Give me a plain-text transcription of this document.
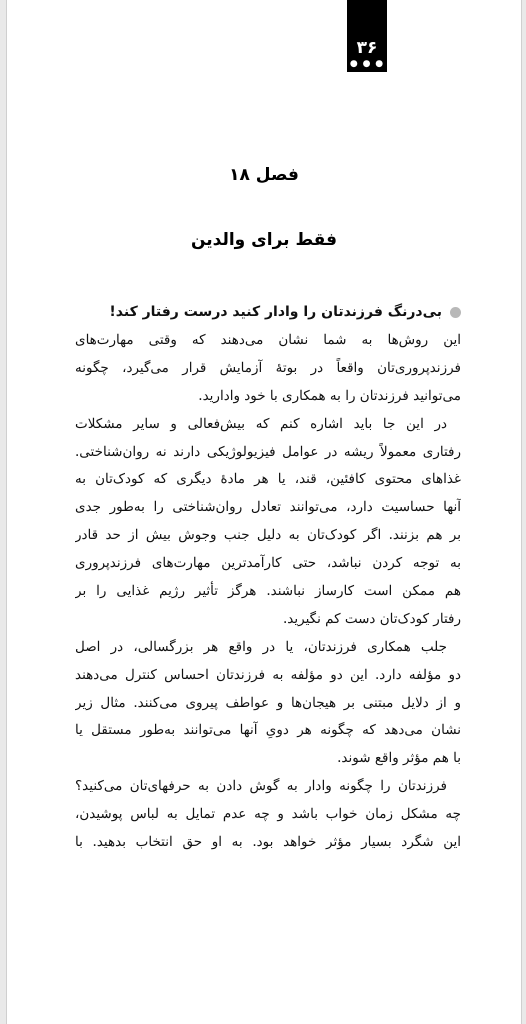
۳۶
● ● ●
فصل ۱۸
فقط برای والدین
بی‌درنگ فرزندتان را وادار کنید درست رفتار کند!
این روش‌ها به شما نشان می‌دهند که وقتی مهارت‌های
فرزندپروری‌تان واقعاً در بوتهٔ آزمایش قرار می‌گیرد، چگونه
می‌توانید فرزندتان را به همکاری با خود وادارید.
در این جا باید اشاره کنم که بیش‌فعالی و سایر مشکلات
رفتاری معمولاً ریشه در عوامل فیزیولوژیکی دارند نه روان‌شناختی.
غذاهای محتوی کافئین، قند، یا هر مادهٔ دیگری که کودک‌تان به
آنها حساسیت دارد، می‌توانند تعادل روان‌شناختی را به‌طور جدی
بر هم بزنند. اگر کودک‌تان به دلیل جنب وجوش بیش از حد قادر
به توجه کردن نباشد، حتی کارآمدترین مهارت‌های فرزندپروری
هم ممکن است کارساز نباشند. هرگز تأثیر رژیم غذایی را بر
رفتار کودک‌تان دست کم نگیرید.
جلب همکاری فرزندتان، یا در واقع هر بزرگسالی، در اصل
دو مؤلفه دارد. این دو مؤلفه به فرزندتان احساس کنترل می‌دهند
و از دلایل مبتنی بر هیجان‌ها و عواطف پیروی می‌کنند. مثال زیر
نشان می‌دهد که چگونه هر دویِ آنها می‌توانند به‌طور مستقل یا
با هم مؤثر واقع شوند.
فرزندتان را چگونه وادار به گوش دادن به حرفهای‌تان می‌کنید؟
چه مشکل زمان خواب باشد و چه عدم تمایل به لباس پوشیدن،
این شگرد بسیار مؤثر خواهد بود. به او حق انتخاب بدهید. با
